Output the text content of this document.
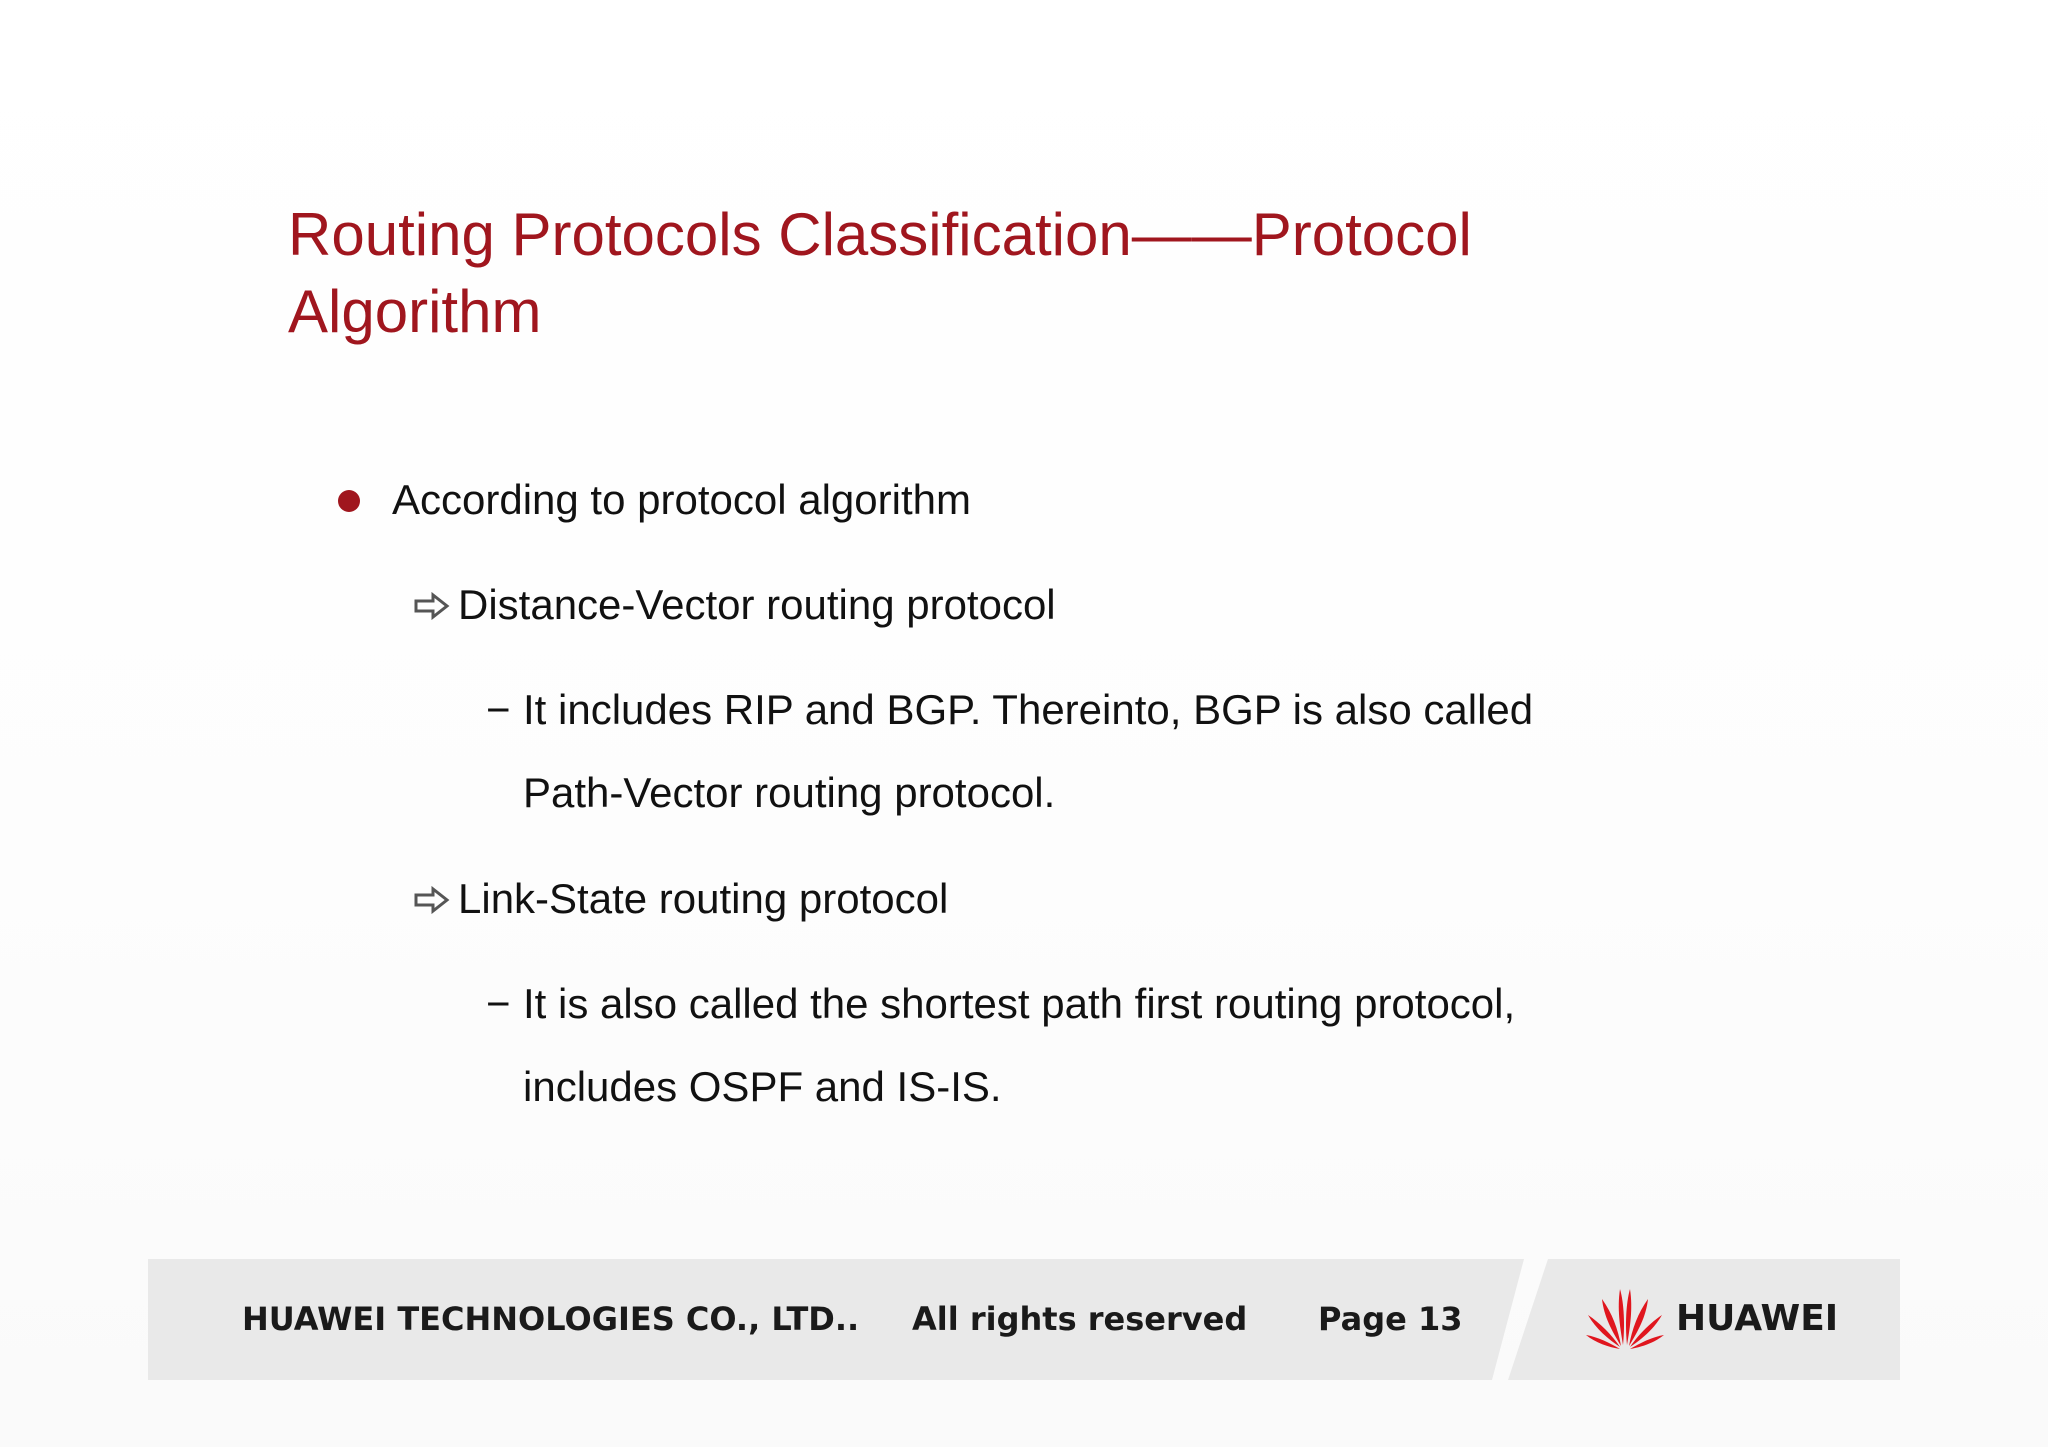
Routing Protocols Classification——Protocol
Algorithm
According to protocol algorithm
Distance-Vector routing protocol
− It includes RIP and BGP. Thereinto, BGP is also called
Path-Vector routing protocol.
Link-State routing protocol
− It is also called the shortest path first routing protocol,
includes OSPF and IS-IS.
HUAWEI TECHNOLOGIES CO., LTD.. All rights reserved Page 13	HUAWEI
